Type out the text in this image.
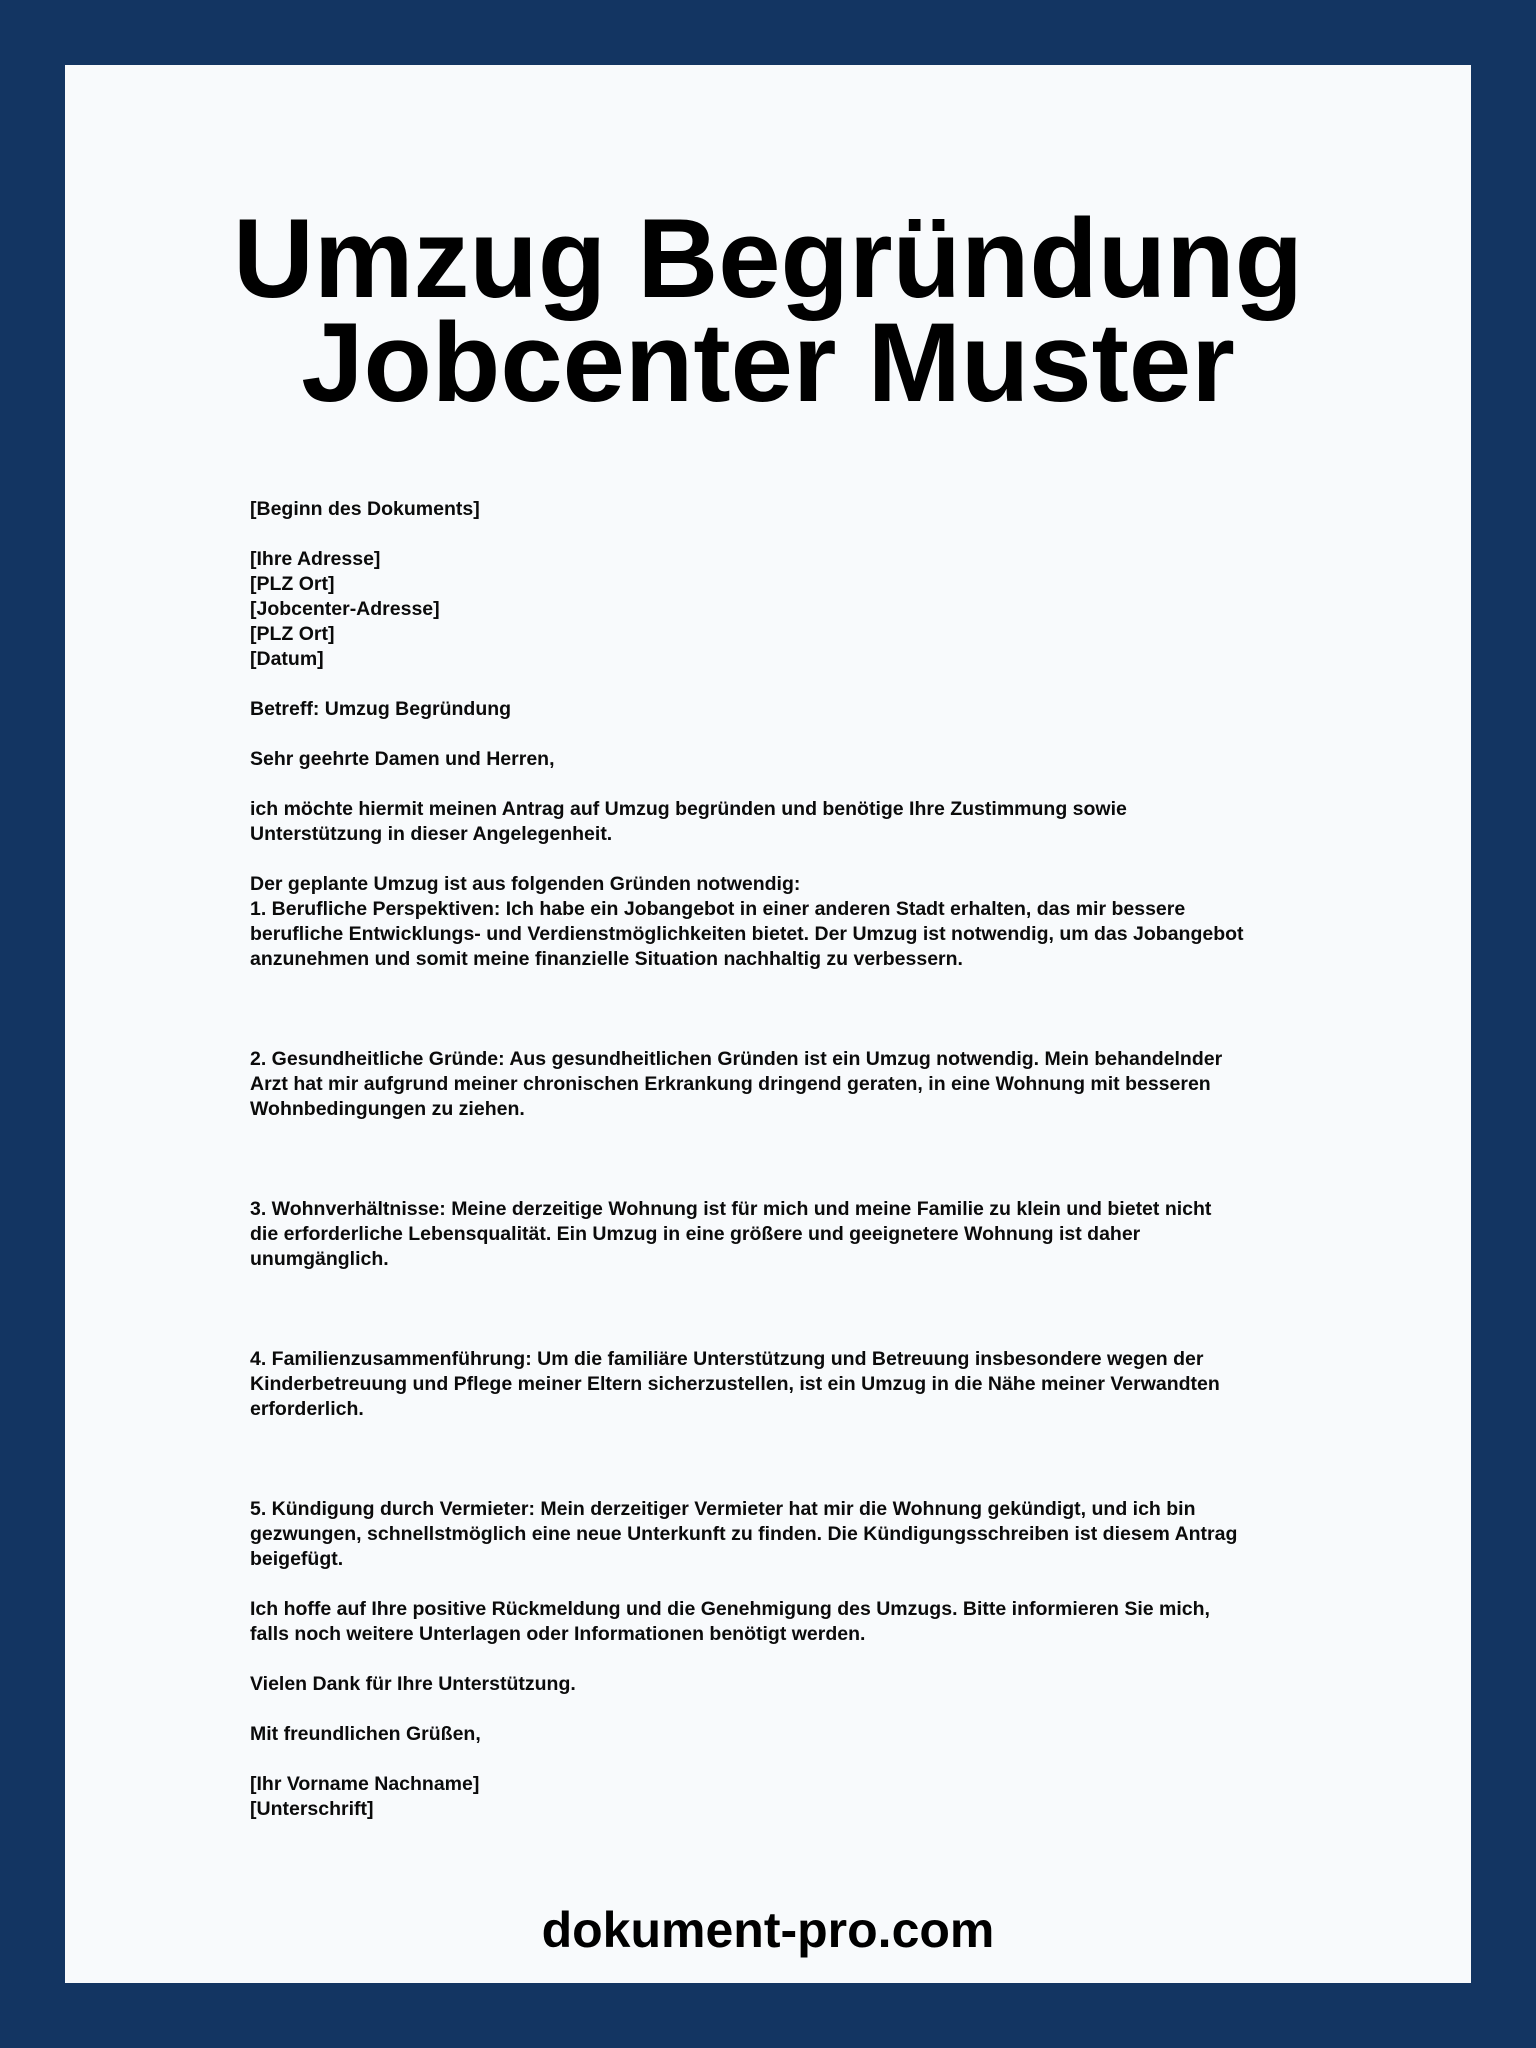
Umzug Begründung
Jobcenter Muster
[Beginn des Dokuments]
[Ihre Adresse]
[PLZ Ort]
[Jobcenter-Adresse]
[PLZ Ort]
[Datum]
Betreff: Umzug Begründung
Sehr geehrte Damen und Herren,
ich möchte hiermit meinen Antrag auf Umzug begründen und benötige Ihre Zustimmung sowie
Unterstützung in dieser Angelegenheit.
Der geplante Umzug ist aus folgenden Gründen notwendig:
1. Berufliche Perspektiven: Ich habe ein Jobangebot in einer anderen Stadt erhalten, das mir bessere
berufliche Entwicklungs- und Verdienstmöglichkeiten bietet. Der Umzug ist notwendig, um das Jobangebot
anzunehmen und somit meine finanzielle Situation nachhaltig zu verbessern.
2. Gesundheitliche Gründe: Aus gesundheitlichen Gründen ist ein Umzug notwendig. Mein behandelnder
Arzt hat mir aufgrund meiner chronischen Erkrankung dringend geraten, in eine Wohnung mit besseren
Wohnbedingungen zu ziehen.
3. Wohnverhältnisse: Meine derzeitige Wohnung ist für mich und meine Familie zu klein und bietet nicht
die erforderliche Lebensqualität. Ein Umzug in eine größere und geeignetere Wohnung ist daher
unumgänglich.
4. Familienzusammenführung: Um die familiäre Unterstützung und Betreuung insbesondere wegen der
Kinderbetreuung und Pflege meiner Eltern sicherzustellen, ist ein Umzug in die Nähe meiner Verwandten
erforderlich.
5. Kündigung durch Vermieter: Mein derzeitiger Vermieter hat mir die Wohnung gekündigt, und ich bin
gezwungen, schnellstmöglich eine neue Unterkunft zu finden. Die Kündigungsschreiben ist diesem Antrag
beigefügt.
Ich hoffe auf Ihre positive Rückmeldung und die Genehmigung des Umzugs. Bitte informieren Sie mich,
falls noch weitere Unterlagen oder Informationen benötigt werden.
Vielen Dank für Ihre Unterstützung.
Mit freundlichen Grüßen,
[Ihr Vorname Nachname]
[Unterschrift]
dokument-pro.com
